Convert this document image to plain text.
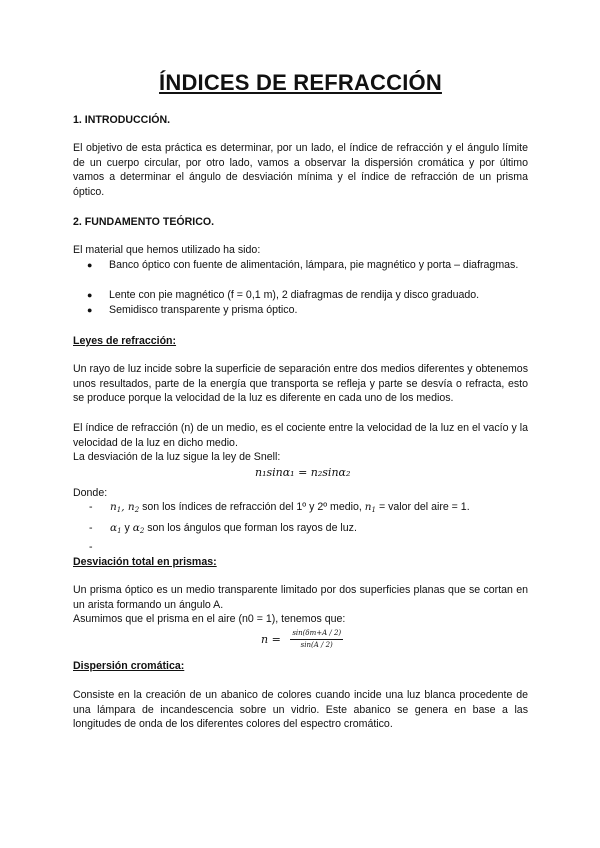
ÍNDICES DE REFRACCIÓN
1. INTRODUCCIÓN.

El objetivo de esta práctica es determinar, por un lado, el índice de refracción y el ángulo límite de un cuerpo circular, por otro lado, vamos a observar la dispersión cromática y por último vamos a determinar el ángulo de desviación mínima y el índice de refracción de un prisma óptico.

2. FUNDAMENTO TEÓRICO.
El material que hemos utilizado ha sido:
● Banco óptico con fuente de alimentación, lámpara, pie magnético y porta – diafragmas.
● Lente con pie magnético (f = 0,1 m), 2 diafragmas de rendija y disco graduado.
● Semidisco transparente y prisma óptico.
Leyes de refracción:

Un rayo de luz incide sobre la superficie de separación entre dos medios diferentes y obtenemos unos resultados, parte de la energía que transporta se refleja y parte se desvía o refracta, esto se produce porque la velocidad de la luz es diferente en cada uno de los medios.

El índice de refracción (n) de un medio, es el cociente entre la velocidad de la luz en el vacío y la velocidad de la luz en dicho medio.

La desviación de la luz sigue la ley de Snell:
n₁sinα₁ = n₂sinα₂
Donde:
- $n_1$, $n_2$ son los índices de refracción del 1º y 2º medio, $n_1$ = valor del aire = 1.
- $\alpha_1$ y $\alpha_2$ son los ángulos que forman los rayos de luz.
-
Desviación total en prismas:

Un prisma óptico es un medio transparente limitado por dos superficies planas que se cortan en un arista formando un ángulo A.

Asumimos que el prisma en el aire (n0 = 1), tenemos que:
$n = \frac{\sin(\delta m+A / 2)}{\sin(A / 2)}$
Dispersión cromática:

Consiste en la creación de un abanico de colores cuando incide una luz blanca procedente de una lámpara de incandescencia sobre un vidrio. Este abanico se genera en base a las longitudes de onda de los diferentes colores del espectro cromático.
